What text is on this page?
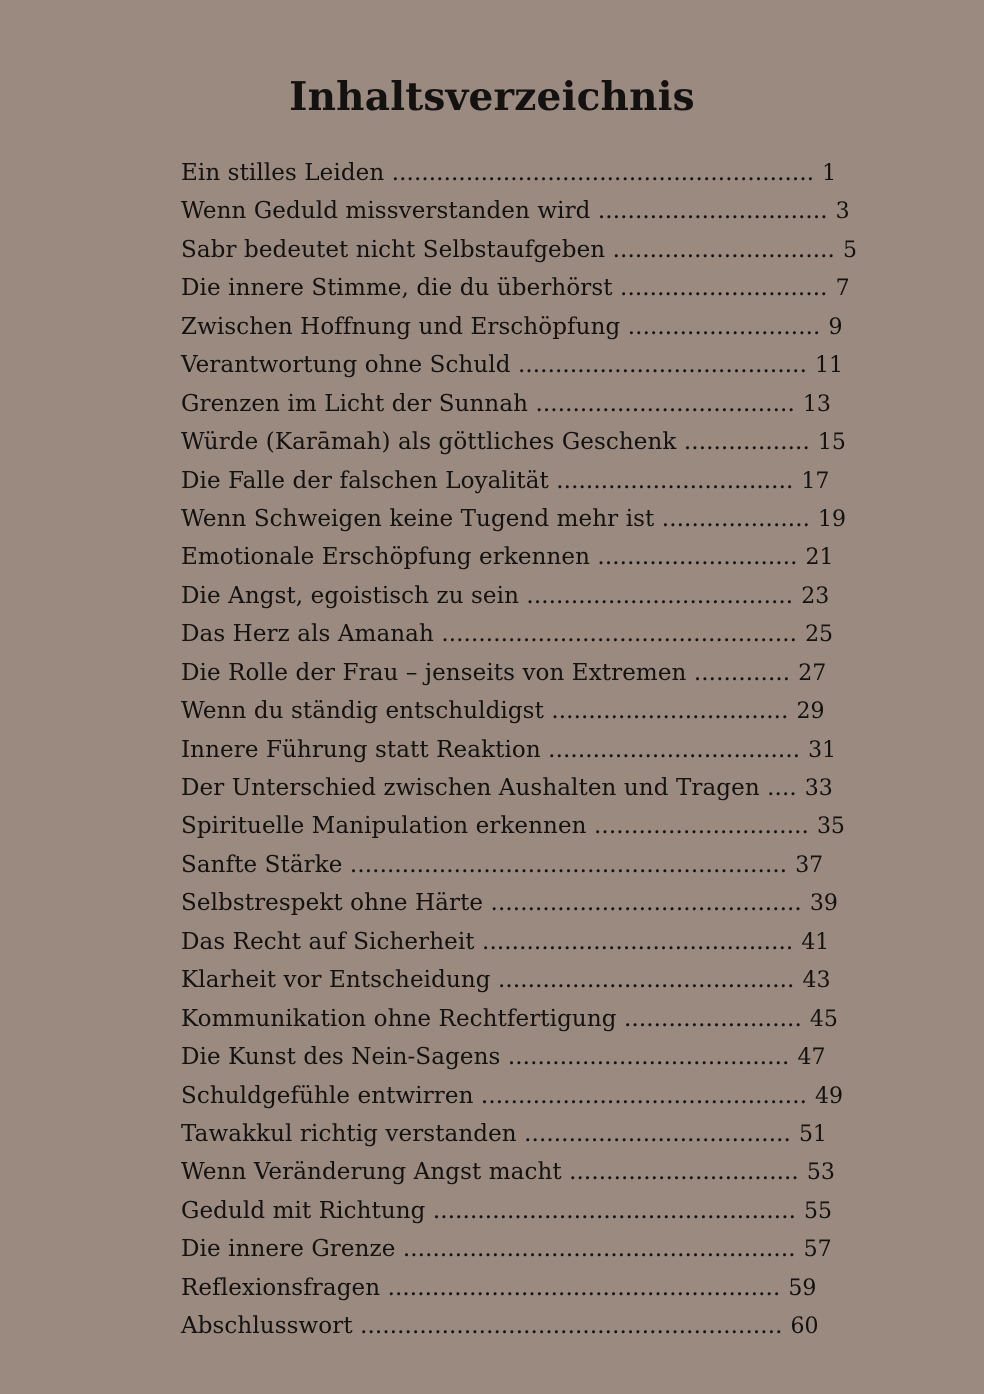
Inhaltsverzeichnis
Ein stilles Leiden ......................................................... 1
Wenn Geduld missverstanden wird ............................... 3
Sabr bedeutet nicht Selbstaufgeben .............................. 5
Die innere Stimme, die du überhörst ............................ 7
Zwischen Hoffnung und Erschöpfung .......................... 9
Verantwortung ohne Schuld ....................................... 11
Grenzen im Licht der Sunnah ................................... 13
Würde (Karāmah) als göttliches Geschenk ................. 15
Die Falle der falschen Loyalität ................................ 17
Wenn Schweigen keine Tugend mehr ist .................... 19
Emotionale Erschöpfung erkennen ........................... 21
Die Angst, egoistisch zu sein .................................... 23
Das Herz als Amanah ................................................ 25
Die Rolle der Frau – jenseits von Extremen ............. 27
Wenn du ständig entschuldigst ................................ 29
Innere Führung statt Reaktion .................................. 31
Der Unterschied zwischen Aushalten und Tragen .... 33
Spirituelle Manipulation erkennen ............................. 35
Sanfte Stärke ........................................................... 37
Selbstrespekt ohne Härte .......................................... 39
Das Recht auf Sicherheit .......................................... 41
Klarheit vor Entscheidung ........................................ 43
Kommunikation ohne Rechtfertigung ........................ 45
Die Kunst des Nein-Sagens ...................................... 47
Schuldgefühle entwirren ............................................ 49
Tawakkul richtig verstanden .................................... 51
Wenn Veränderung Angst macht ............................... 53
Geduld mit Richtung ................................................. 55
Die innere Grenze ..................................................... 57
Reflexionsfragen ..................................................... 59
Abschlusswort ......................................................... 60
